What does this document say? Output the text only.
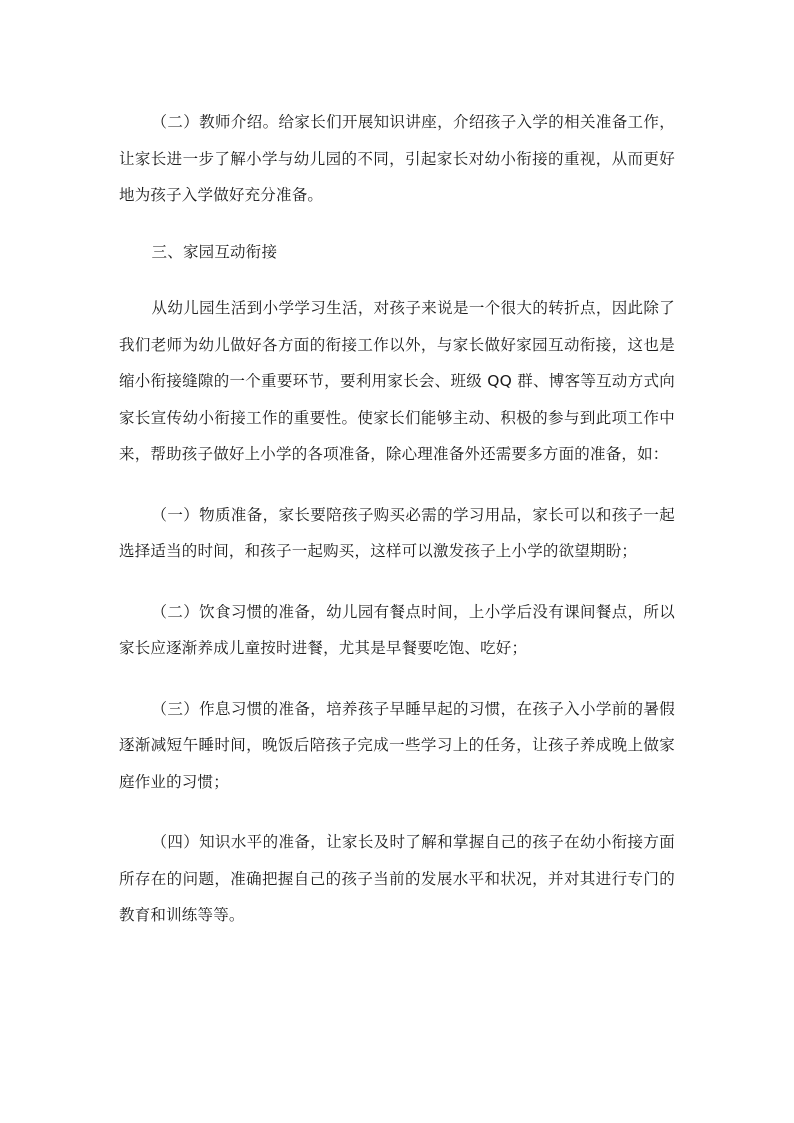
（二）教师介绍。给家长们开展知识讲座，介绍孩子入学的相关准备工作，让家长进一步了解小学与幼儿园的不同，引起家长对幼小衔接的重视，从而更好地为孩子入学做好充分准备。

三、家园互动衔接

从幼儿园生活到小学学习生活，对孩子来说是一个很大的转折点，因此除了我们老师为幼儿做好各方面的衔接工作以外，与家长做好家园互动衔接，这也是缩小衔接缝隙的一个重要环节，要利用家长会、班级 QQ 群、博客等互动方式向家长宣传幼小衔接工作的重要性。使家长们能够主动、积极的参与到此项工作中来，帮助孩子做好上小学的各项准备，除心理准备外还需要多方面的准备，如：

（一）物质准备，家长要陪孩子购买必需的学习用品，家长可以和孩子一起选择适当的时间，和孩子一起购买，这样可以激发孩子上小学的欲望期盼；

（二）饮食习惯的准备，幼儿园有餐点时间，上小学后没有课间餐点，所以家长应逐渐养成儿童按时进餐，尤其是早餐要吃饱、吃好；

（三）作息习惯的准备，培养孩子早睡早起的习惯，在孩子入小学前的暑假逐渐减短午睡时间，晚饭后陪孩子完成一些学习上的任务，让孩子养成晚上做家庭作业的习惯；

（四）知识水平的准备，让家长及时了解和掌握自己的孩子在幼小衔接方面所存在的问题，准确把握自己的孩子当前的发展水平和状况，并对其进行专门的教育和训练等等。
